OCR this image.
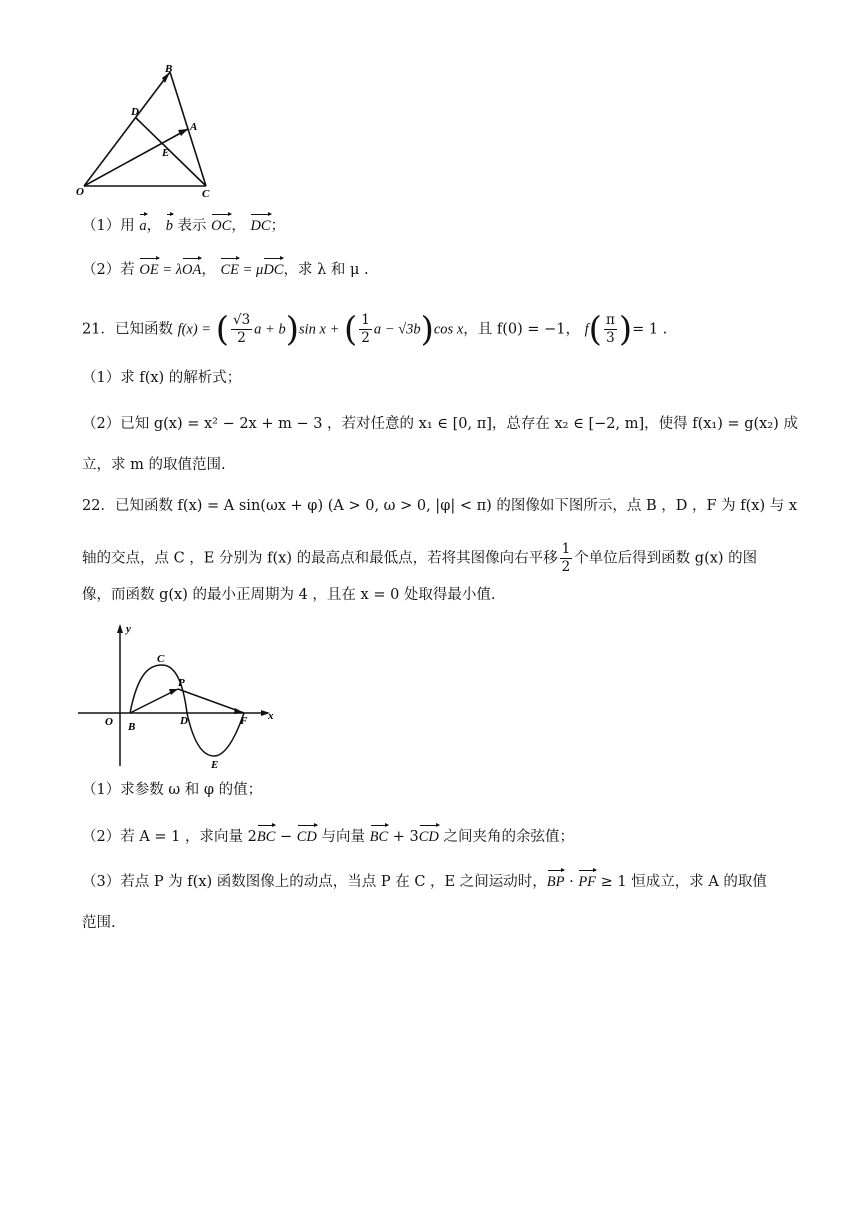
B
D
A
E
O	C
（1）用 a， b 表示 OC， DC；
（2）若 OE = λOA， CE = μDC，求 λ 和 μ .
21．已知函数 f(x) = ( $\frac{√3}{2}$ a + b)sin x + ( $\frac{1}{2}$ a − √3b)cos x，且 f(0) = −1， $f( \frac{\pi}{3}$ )= 1 .
（1）求 f(x) 的解析式；
（2）已知 g(x) = x² − 2x + m − 3 ，若对任意的 x₁ ∈ [0, π]，总存在 x₂ ∈ [−2, m]，使得 f(x₁) = g(x₂) 成
立，求 m 的取值范围.
22．已知函数 f(x) = A sin(ωx + φ) (A > 0, ω > 0, |φ| < π) 的图像如下图所示，点 B ，D ，F 为 f(x) 与 x
轴的交点，点 C ，E 分别为 f(x) 的最高点和最低点，若将其图像向右平移 $\frac{1}{2}$ 个单位后得到函数 g(x) 的图
像，而函数 g(x) 的最小正周期为 4 ，且在 x = 0 处取得最小值.
y
x
O B
C
P
D	F
E
（1）求参数 ω 和 φ 的值；
（2）若 A = 1 ，求向量 2BC − CD 与向量 BC + 3CD 之间夹角的余弦值；
（3）若点 P 为 f(x) 函数图像上的动点，当点 P 在 C ，E 之间运动时，BP · PF ≥ 1 恒成立，求 A 的取值
范围.
